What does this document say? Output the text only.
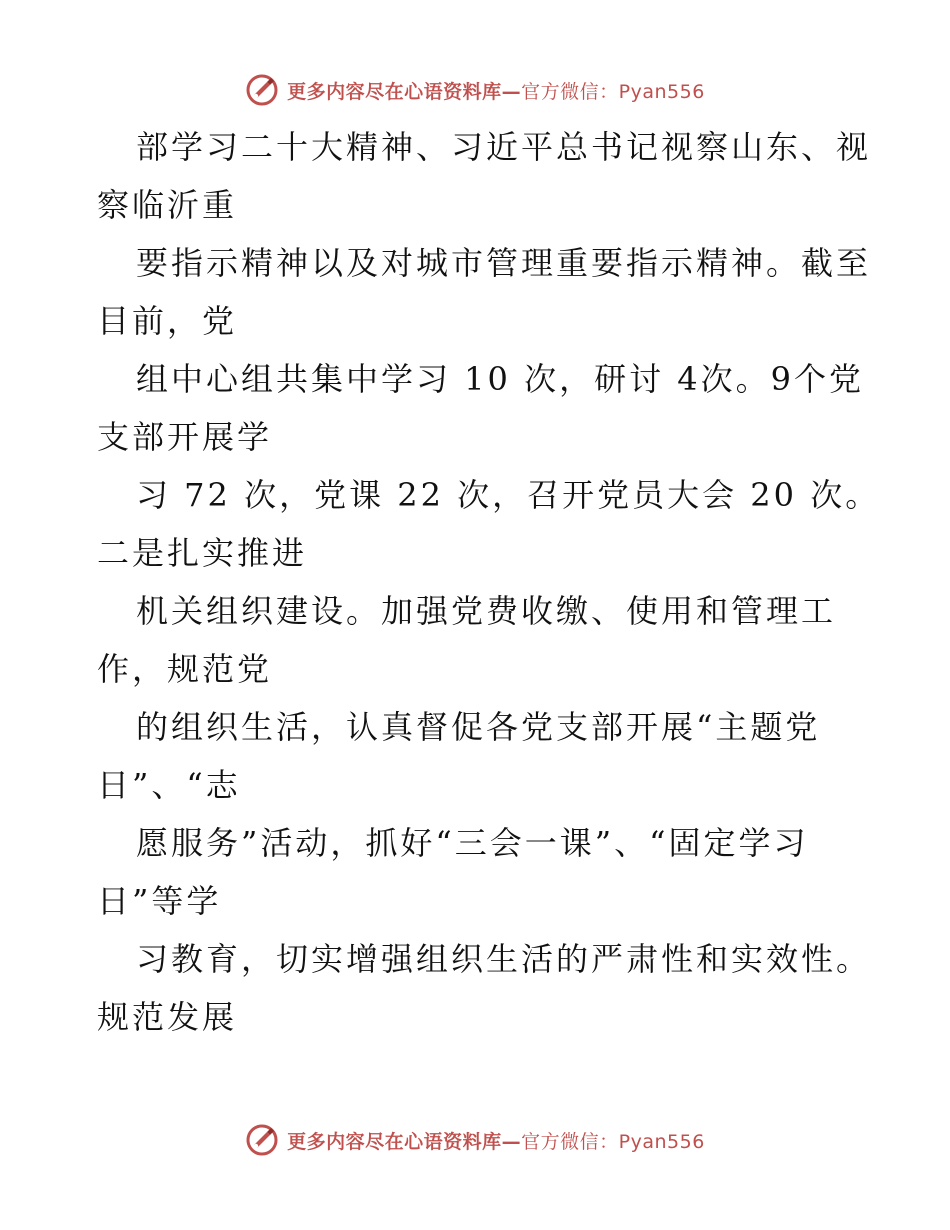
更多内容尽在心语资料库—官方微信：Pyan556
部学习二十大精神、习近平总书记视察山东、视
察临沂重
要指示精神以及对城市管理重要指示精神。截至
目前，党
组中心组共集中学习 10 次，研讨 4次。9个党
支部开展学
习 72 次，党课 22 次，召开党员大会 20 次。
二是扎实推进
机关组织建设。加强党费收缴、使用和管理工
作，规范党
的组织生活，认真督促各党支部开展“主题党
日”、“志
愿服务”活动，抓好“三会一课”、“固定学习
日”等学
习教育，切实增强组织生活的严肃性和实效性。
规范发展
更多内容尽在心语资料库—官方微信：Pyan556
